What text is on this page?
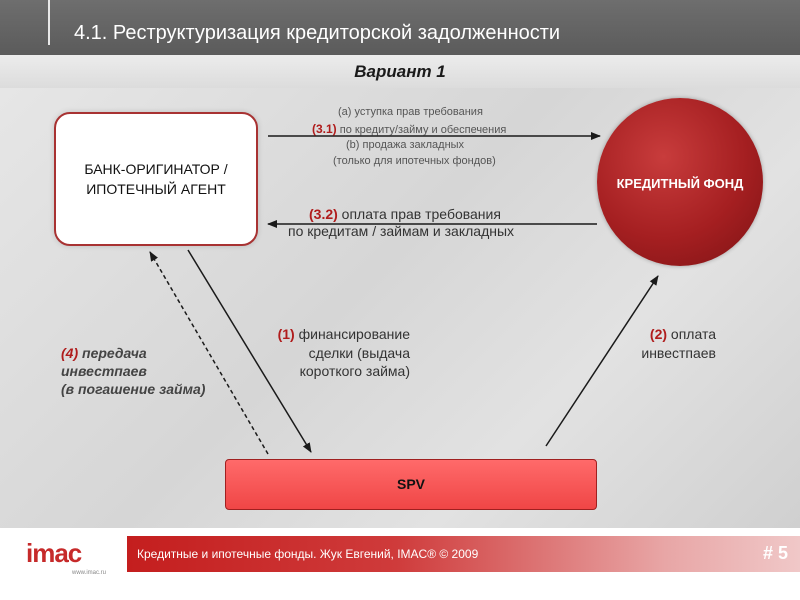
4.1. Реструктуризация кредиторской задолженности
Вариант 1
БАНК-ОРИГИНАТОР /
ИПОТЕЧНЫЙ АГЕНТ	КРЕДИТНЫЙ ФОНД
SPV
(a) уступка прав требования
(3.1) по кредиту/займу и обеспечения
(b) продажа закладных
(только для ипотечных фондов)
(3.2) оплата прав требования
по кредитам / займам и закладных
(1) финансирование
сделки (выдача
короткого займа)
(4) передача
инвестпаев
(в погашение займа)
(2) оплата
инвестпаев
imac
www.imac.ru
Кредитные и ипотечные фонды. Жук Евгений, IMAC® © 2009	# 5
